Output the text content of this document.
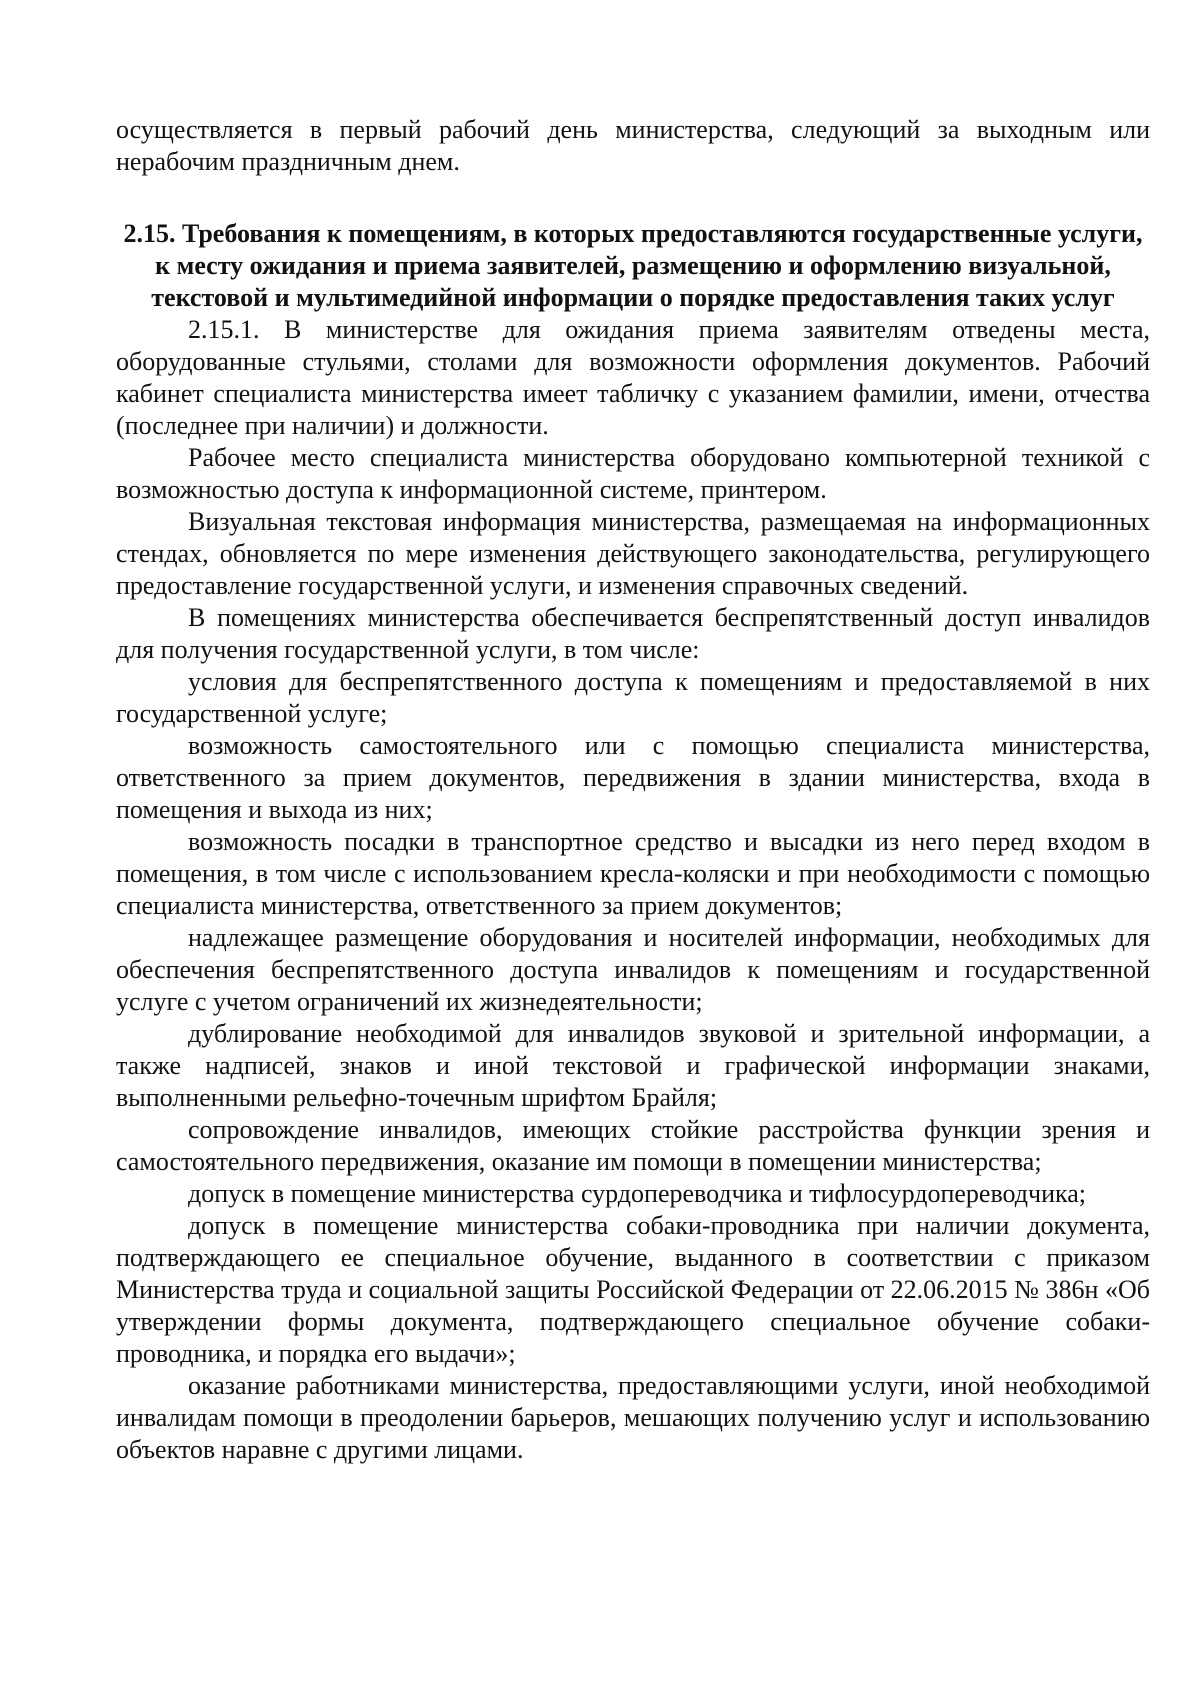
осуществляется в первый рабочий день министерства, следующий за выходным или нерабочим праздничным днем.

2.15. Требования к помещениям, в которых предоставляются государственные услуги, к месту ожидания и приема заявителей, размещению и оформлению визуальной, текстовой и мультимедийной информации о порядке предоставления таких услуг

2.15.1. В министерстве для ожидания приема заявителям отведены места, оборудованные стульями, столами для возможности оформления документов. Рабочий кабинет специалиста министерства имеет табличку с указанием фамилии, имени, отчества (последнее при наличии) и должности.

Рабочее место специалиста министерства оборудовано компьютерной техникой с возможностью доступа к информационной системе, принтером.

Визуальная текстовая информация министерства, размещаемая на информационных стендах, обновляется по мере изменения действующего законодательства, регулирующего предоставление государственной услуги, и изменения справочных сведений.

В помещениях министерства обеспечивается беспрепятственный доступ инвалидов для получения государственной услуги, в том числе:

условия для беспрепятственного доступа к помещениям и предоставляемой в них государственной услуге;

возможность самостоятельного или с помощью специалиста министерства, ответственного за прием документов, передвижения в здании министерства, входа в помещения и выхода из них;

возможность посадки в транспортное средство и высадки из него перед входом в помещения, в том числе с использованием кресла-коляски и при необходимости с помощью специалиста министерства, ответственного за прием документов;

надлежащее размещение оборудования и носителей информации, необходимых для обеспечения беспрепятственного доступа инвалидов к помещениям и государственной услуге с учетом ограничений их жизнедеятельности;

дублирование необходимой для инвалидов звуковой и зрительной информации, а также надписей, знаков и иной текстовой и графической информации знаками, выполненными рельефно-точечным шрифтом Брайля;

сопровождение инвалидов, имеющих стойкие расстройства функции зрения и самостоятельного передвижения, оказание им помощи в помещении министерства;

допуск в помещение министерства сурдопереводчика и тифлосурдопереводчика;

допуск в помещение министерства собаки-проводника при наличии документа, подтверждающего ее специальное обучение, выданного в соответствии с приказом Министерства труда и социальной защиты Российской Федерации от 22.06.2015 № 386н «Об утверждении формы документа, подтверждающего специальное обучение собаки-проводника, и порядка его выдачи»;

оказание работниками министерства, предоставляющими услуги, иной необходимой инвалидам помощи в преодолении барьеров, мешающих получению услуг и использованию объектов наравне с другими лицами.
